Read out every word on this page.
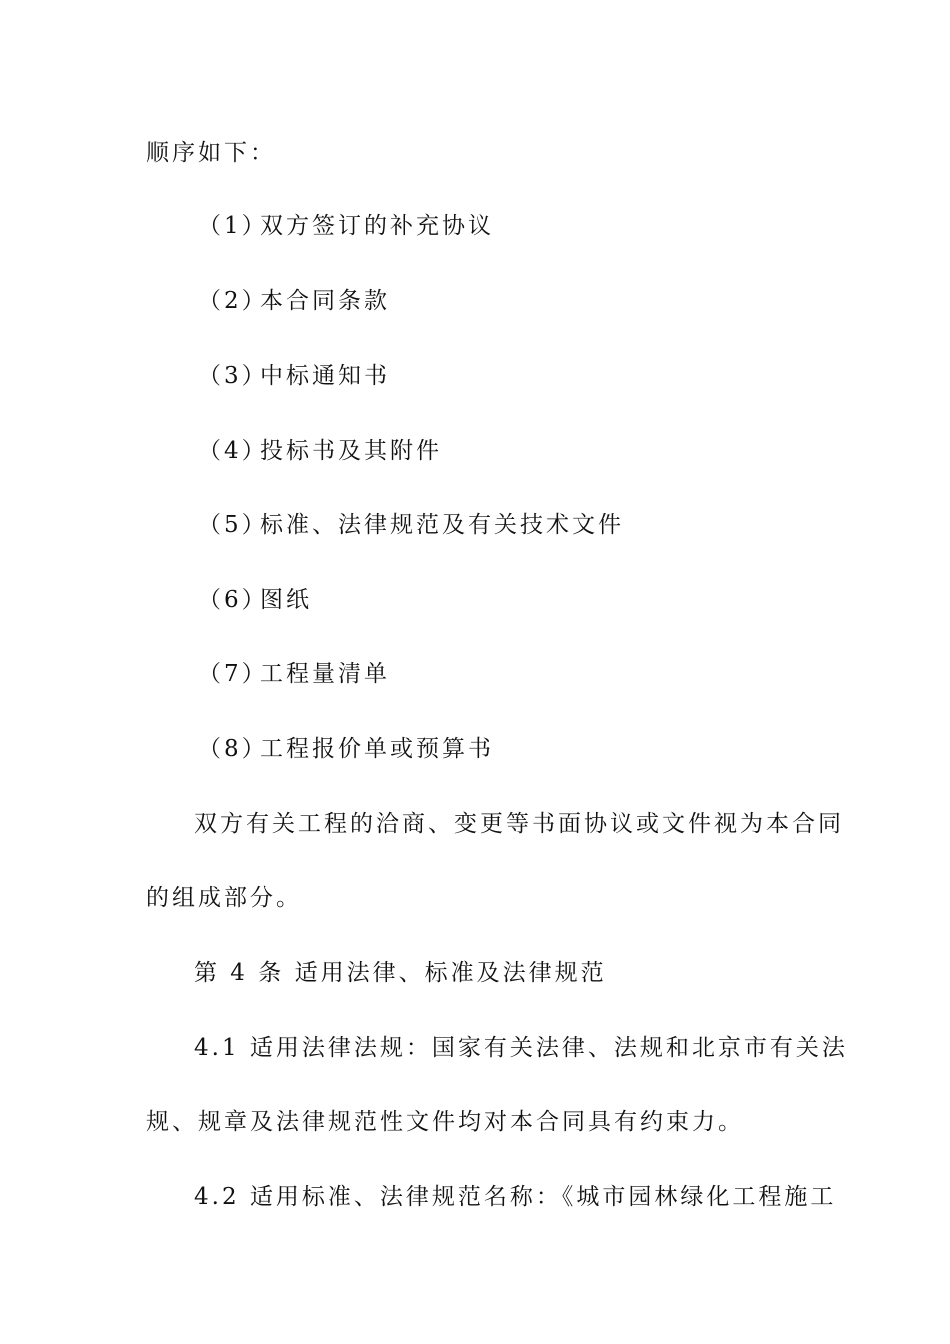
顺序如下：
（1）双方签订的补充协议
（2）本合同条款
（3）中标通知书
（4）投标书及其附件
（5）标准、法律规范及有关技术文件
（6）图纸
（7）工程量清单
（8）工程报价单或预算书
双方有关工程的洽商、变更等书面协议或文件视为本合同
的组成部分。
第 4 条 适用法律、标准及法律规范
4.1 适用法律法规：国家有关法律、法规和北京市有关法
规、规章及法律规范性文件均对本合同具有约束力。
4.2 适用标准、法律规范名称：《城市园林绿化工程施工
